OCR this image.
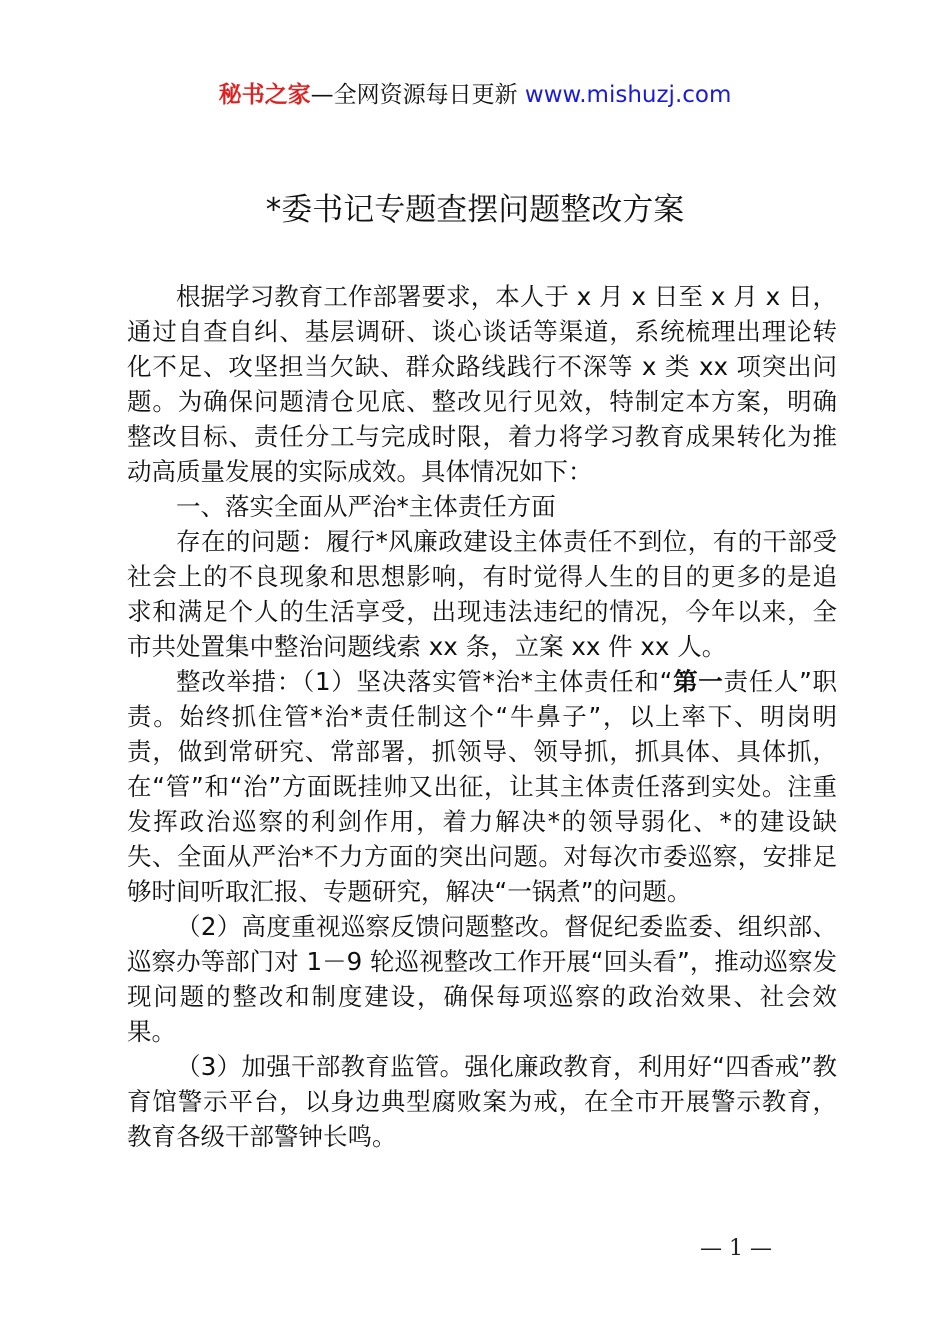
秘书之家—全网资源每日更新 www.mishuzj.com
*委书记专题查摆问题整改方案

根据学习教育工作部署要求，本人于 x 月 x 日至 x 月 x 日，通过自查自纠、基层调研、谈心谈话等渠道，系统梳理出理论转化不足、攻坚担当欠缺、群众路线践行不深等 x 类 xx 项突出问题。为确保问题清仓见底、整改见行见效，特制定本方案，明确整改目标、责任分工与完成时限，着力将学习教育成果转化为推动高质量发展的实际成效。具体情况如下：

一、落实全面从严治*主体责任方面

存在的问题：履行*风廉政建设主体责任不到位，有的干部受社会上的不良现象和思想影响，有时觉得人生的目的更多的是追求和满足个人的生活享受，出现违法违纪的情况，今年以来，全市共处置集中整治问题线索 xx 条，立案 xx 件 xx 人。

整改举措：（1）坚决落实管*治*主体责任和“第一责任人”职责。始终抓住管*治*责任制这个“牛鼻子”，以上率下、明岗明责，做到常研究、常部署，抓领导、领导抓，抓具体、具体抓，在“管”和“治”方面既挂帅又出征，让其主体责任落到实处。注重发挥政治巡察的利剑作用，着力解决*的领导弱化、*的建设缺失、全面从严治*不力方面的突出问题。对每次市委巡察，安排足够时间听取汇报、专题研究，解决“一锅煮”的问题。

（2）高度重视巡察反馈问题整改。督促纪委监委、组织部、巡察办等部门对 1－9 轮巡视整改工作开展“回头看”，推动巡察发现问题的整改和制度建设，确保每项巡察的政治效果、社会效果。

（3）加强干部教育监管。强化廉政教育，利用好“四香戒”教育馆警示平台，以身边典型腐败案为戒，在全市开展警示教育，教育各级干部警钟长鸣。

— 1 —
